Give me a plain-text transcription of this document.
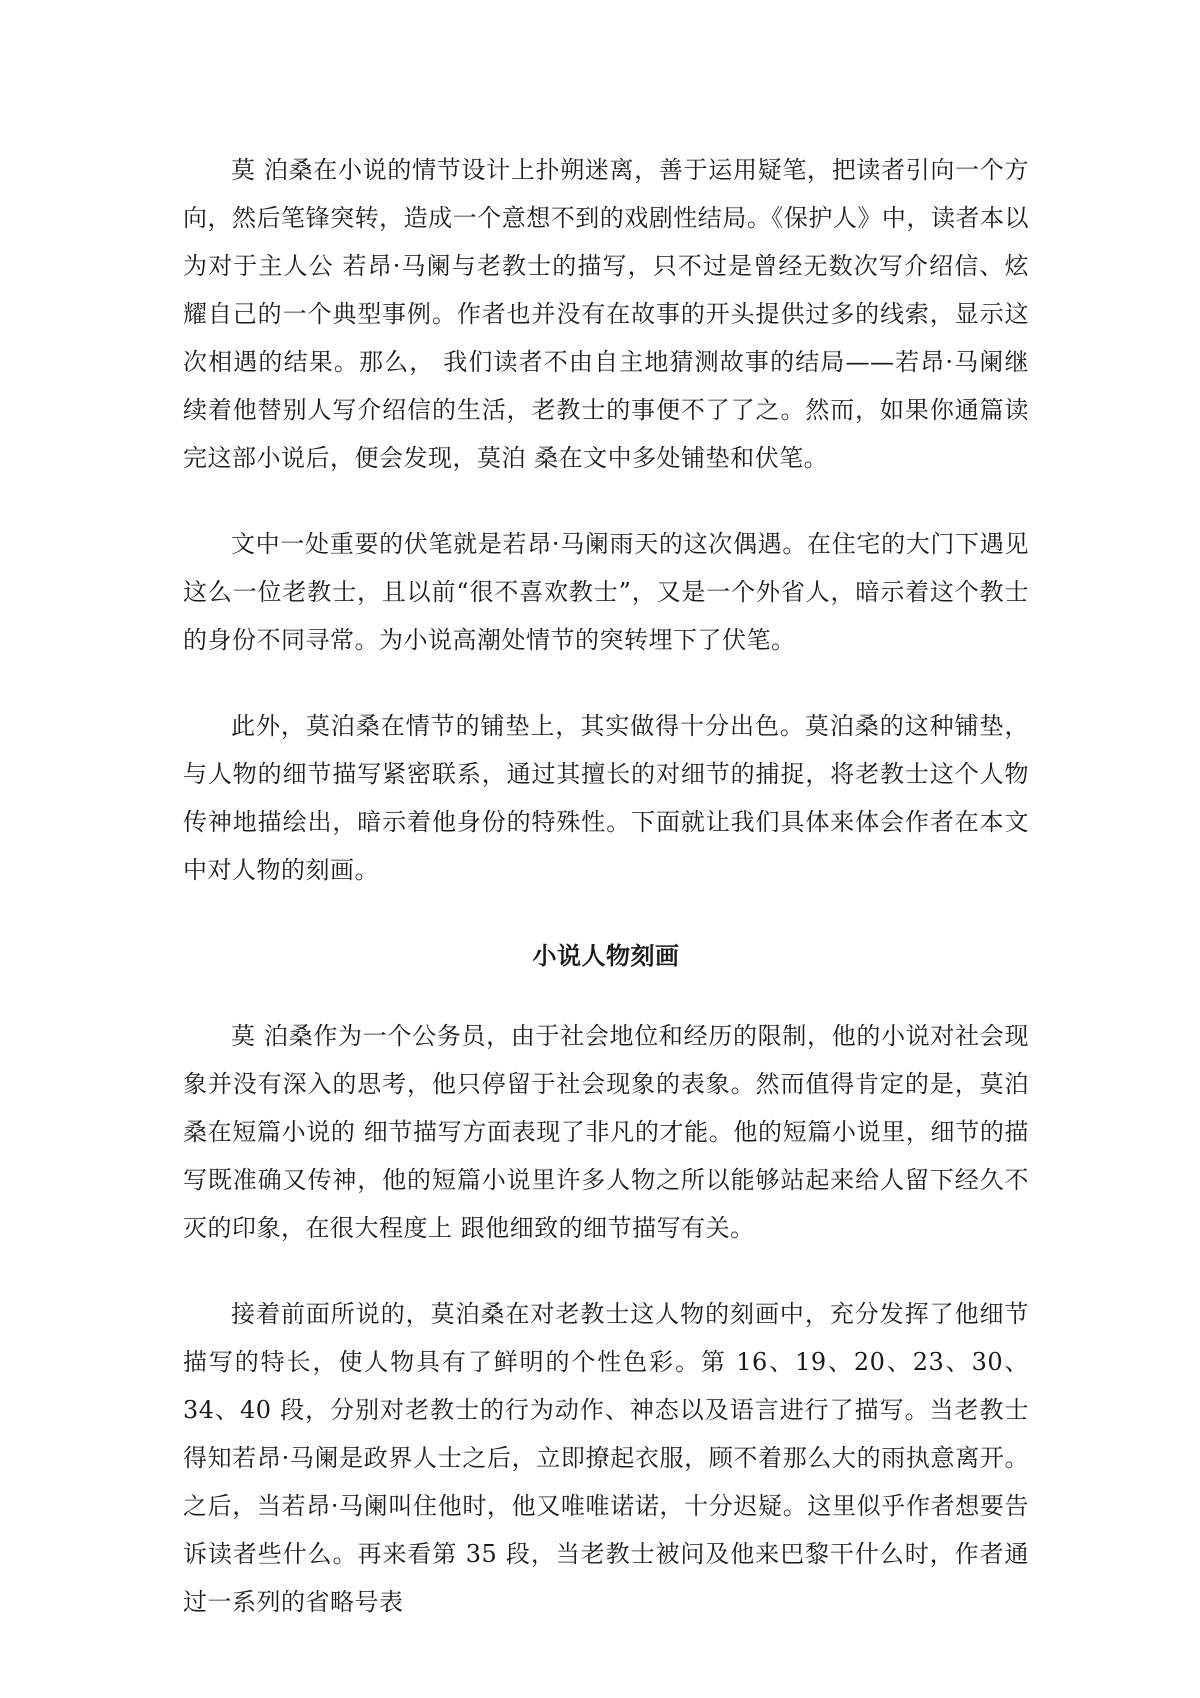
莫 泊桑在小说的情节设计上扑朔迷离，善于运用疑笔，把读者引向一个方向，然后笔锋突转，造成一个意想不到的戏剧性结局。《保护人》中，读者本以为对于主人公 若昂·马阑与老教士的描写，只不过是曾经无数次写介绍信、炫耀自己的一个典型事例。作者也并没有在故事的开头提供过多的线索，显示这次相遇的结果。那么， 我们读者不由自主地猜测故事的结局——若昂·马阑继续着他替别人写介绍信的生活，老教士的事便不了了之。然而，如果你通篇读完这部小说后，便会发现，莫泊 桑在文中多处铺垫和伏笔。

文中一处重要的伏笔就是若昂·马阑雨天的这次偶遇。在住宅的大门下遇见这么一位老教士，且以前“很不喜欢教士”，又是一个外省人，暗示着这个教士的身份不同寻常。为小说高潮处情节的突转埋下了伏笔。

此外，莫泊桑在情节的铺垫上，其实做得十分出色。莫泊桑的这种铺垫，与人物的细节描写紧密联系，通过其擅长的对细节的捕捉，将老教士这个人物传神地描绘出，暗示着他身份的特殊性。下面就让我们具体来体会作者在本文中对人物的刻画。

小说人物刻画

莫 泊桑作为一个公务员，由于社会地位和经历的限制，他的小说对社会现象并没有深入的思考，他只停留于社会现象的表象。然而值得肯定的是，莫泊桑在短篇小说的 细节描写方面表现了非凡的才能。他的短篇小说里，细节的描写既准确又传神，他的短篇小说里许多人物之所以能够站起来给人留下经久不灭的印象，在很大程度上 跟他细致的细节描写有关。

接着前面所说的，莫泊桑在对老教士这人物的刻画中，充分发挥了他细节描写的特长，使人物具有了鲜明的个性色彩。第 16、19、20、23、30、34、40 段，分别对老教士的行为动作、神态以及语言进行了描写。当老教士得知若昂·马阑是政界人士之后，立即撩起衣服，顾不着那么大的雨执意离开。之后，当若昂·马阑叫住他时，他又唯唯诺诺，十分迟疑。这里似乎作者想要告诉读者些什么。再来看第 35 段，当老教士被问及他来巴黎干什么时，作者通过一系列的省略号表
